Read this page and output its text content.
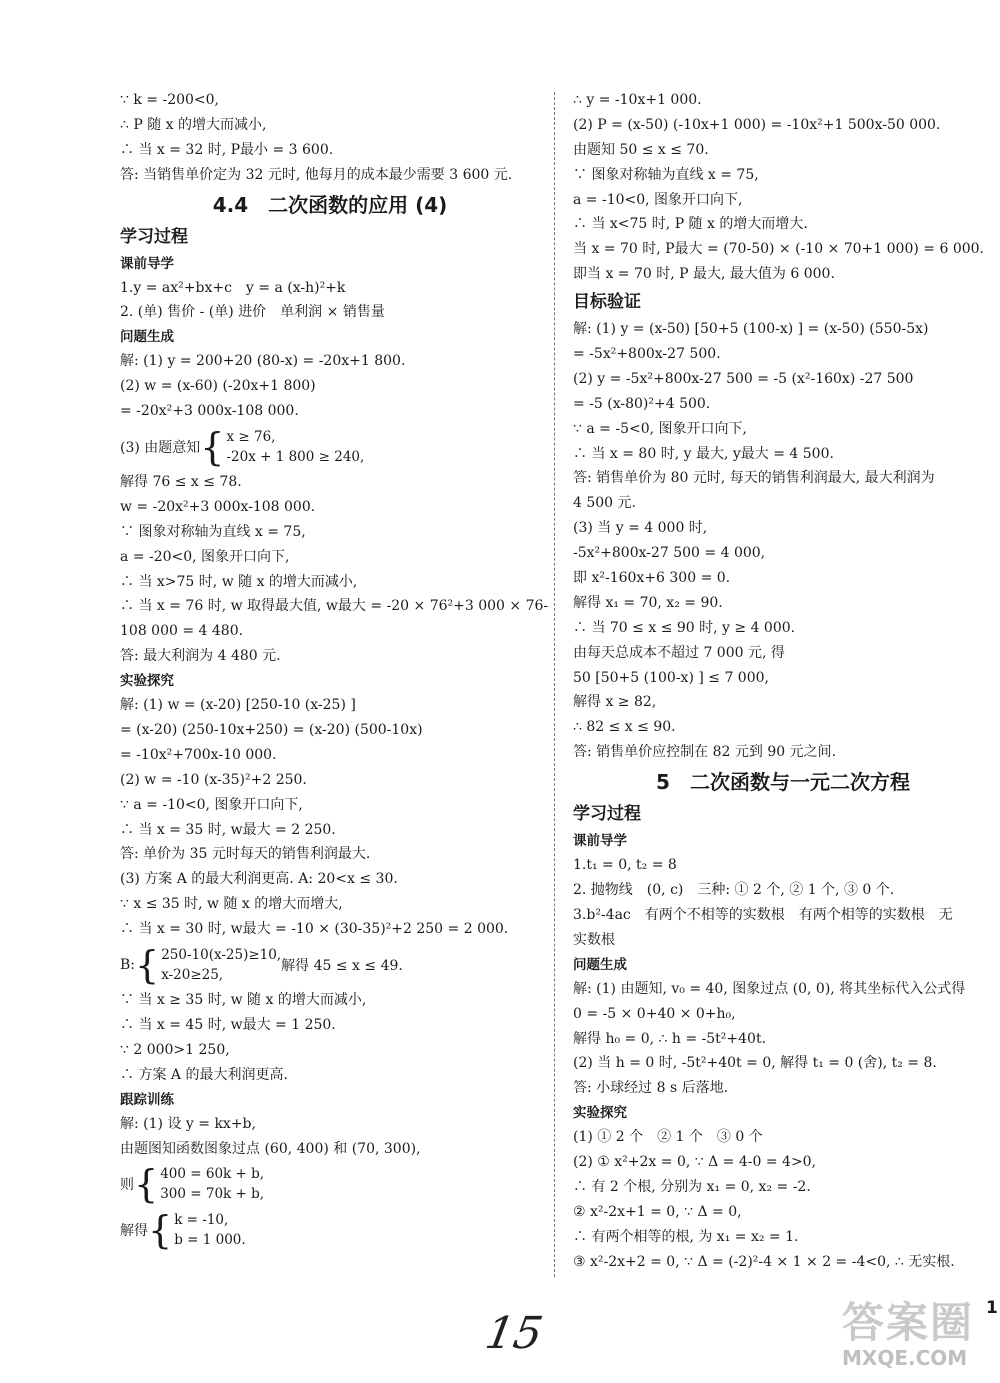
∵ k = -200<0,
∴ P 随 x 的增大而减小,
∴ 当 x = 32 时, P最小 = 3 600.
答: 当销售单价定为 32 元时, 他每月的成本最少需要 3 600 元.
4.4　二次函数的应用 (4)
学习过程
课前导学
1.y = ax²+bx+c　y = a (x-h)²+k
2. (单) 售价 - (单) 进价　单利润 × 销售量
问题生成
解: (1) y = 200+20 (80-x) = -20x+1 800.
(2) w = (x-60) (-20x+1 800)
= -20x²+3 000x-108 000.
(3) 由题意知 { x ≥ 76,
-20x + 1 800 ≥ 240,
解得 76 ≤ x ≤ 78.
w = -20x²+3 000x-108 000.
∵ 图象对称轴为直线 x = 75,
a = -20<0, 图象开口向下,
∴ 当 x>75 时, w 随 x 的增大而减小,
∴ 当 x = 76 时, w 取得最大值, w最大 = -20 × 76²+3 000 × 76-
108 000 = 4 480.
答: 最大利润为 4 480 元.
实验探究
解: (1) w = (x-20) [250-10 (x-25) ]
= (x-20) (250-10x+250) = (x-20) (500-10x)
= -10x²+700x-10 000.
(2) w = -10 (x-35)²+2 250.
∵ a = -10<0, 图象开口向下,
∴ 当 x = 35 时, w最大 = 2 250.
答: 单价为 35 元时每天的销售利润最大.
(3) 方案 A 的最大利润更高. A: 20<x ≤ 30.
∵ x ≤ 35 时, w 随 x 的增大而增大,
∴ 当 x = 30 时, w最大 = -10 × (30-35)²+2 250 = 2 000.
B: { 250-10(x-25)≥10,
x-20≥25,
解得 45 ≤ x ≤ 49.
∵ 当 x ≥ 35 时, w 随 x 的增大而减小,
∴ 当 x = 45 时, w最大 = 1 250.
∵ 2 000>1 250,
∴ 方案 A 的最大利润更高.
跟踪训练
解: (1) 设 y = kx+b,
由题图知函数图象过点 (60, 400) 和 (70, 300),
则 { 400 = 60k + b,
300 = 70k + b,
解得 { k = -10,
b = 1 000.
∴ y = -10x+1 000.
(2) P = (x-50) (-10x+1 000) = -10x²+1 500x-50 000.
由题知 50 ≤ x ≤ 70.
∵ 图象对称轴为直线 x = 75,
a = -10<0, 图象开口向下,
∴ 当 x<75 时, P 随 x 的增大而增大.
当 x = 70 时, P最大 = (70-50) × (-10 × 70+1 000) = 6 000.
即当 x = 70 时, P 最大, 最大值为 6 000.
目标验证
解: (1) y = (x-50) [50+5 (100-x) ] = (x-50) (550-5x)
= -5x²+800x-27 500.
(2) y = -5x²+800x-27 500 = -5 (x²-160x) -27 500
= -5 (x-80)²+4 500.
∵ a = -5<0, 图象开口向下,
∴ 当 x = 80 时, y 最大, y最大 = 4 500.
答: 销售单价为 80 元时, 每天的销售利润最大, 最大利润为
4 500 元.
(3) 当 y = 4 000 时,
-5x²+800x-27 500 = 4 000,
即 x²-160x+6 300 = 0.
解得 x₁ = 70, x₂ = 90.
∴ 当 70 ≤ x ≤ 90 时, y ≥ 4 000.
由每天总成本不超过 7 000 元, 得
50 [50+5 (100-x) ] ≤ 7 000,
解得 x ≥ 82,
∴ 82 ≤ x ≤ 90.
答: 销售单价应控制在 82 元到 90 元之间.
5　二次函数与一元二次方程
学习过程
课前导学
1.t₁ = 0, t₂ = 8
2. 抛物线　(0, c)　三种: ① 2 个, ② 1 个, ③ 0 个.
3.b²-4ac　有两个不相等的实数根　有两个相等的实数根　无
实数根
问题生成
解: (1) 由题知, v₀ = 40, 图象过点 (0, 0), 将其坐标代入公式得
0 = -5 × 0+40 × 0+h₀,
解得 h₀ = 0, ∴ h = -5t²+40t.
(2) 当 h = 0 时, -5t²+40t = 0, 解得 t₁ = 0 (舍), t₂ = 8.
答: 小球经过 8 s 后落地.
实验探究
(1) ① 2 个　② 1 个　③ 0 个
(2) ① x²+2x = 0, ∵ Δ = 4-0 = 4>0,
∴ 有 2 个根, 分别为 x₁ = 0, x₂ = -2.
② x²-2x+1 = 0, ∵ Δ = 0,
∴ 有两个相等的根, 为 x₁ = x₂ = 1.
③ x²-2x+2 = 0, ∵ Δ = (-2)²-4 × 1 × 2 = -4<0, ∴ 无实根.
15	1
答案圈
MXQE.COM
